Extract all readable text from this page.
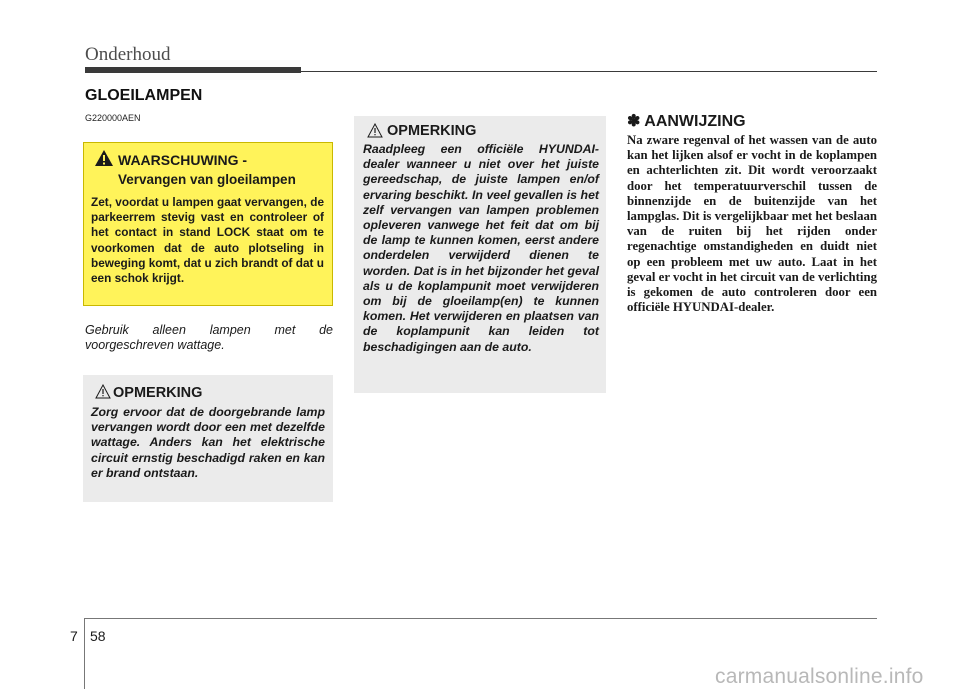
Onderhoud
GLOEILAMPEN
G220000AEN
WAARSCHUWING -
Vervangen van gloeilampen
Zet, voordat u lampen gaat vervangen, de parkeerrem stevig vast en controleer of het contact in stand LOCK staat om te voorkomen dat de auto plotseling in beweging komt, dat u zich brandt of dat u een schok krijgt.
Gebruik alleen lampen met de voorgeschreven wattage.
OPMERKING
Zorg ervoor dat de doorgebrande lamp vervangen wordt door een met dezelfde wattage. Anders kan het elektrische circuit ernstig beschadigd raken en kan er brand ontstaan.
OPMERKING
Raadpleeg een officiële HYUNDAI-dealer wanneer u niet over het juiste gereedschap, de juiste lampen en/of ervaring beschikt. In veel gevallen is het zelf vervangen van lampen problemen opleveren vanwege het feit dat om bij de lamp te kunnen komen, eerst andere onderdelen verwijderd dienen te worden. Dat is in het bijzonder het geval als u de koplampunit moet verwijderen om bij de gloeilamp(en) te kunnen komen. Het verwijderen en plaatsen van de koplampunit kan leiden tot beschadigingen aan de auto.
✽ AANWIJZING
Na zware regenval of het wassen van de auto kan het lijken alsof er vocht in de koplampen en achterlichten zit. Dit wordt veroorzaakt door het temperatuurverschil tussen de binnenzijde en de buitenzijde van het lampglas. Dit is vergelijkbaar met het beslaan van de ruiten bij het rijden onder regenachtige omstandigheden en duidt niet op een probleem met uw auto. Laat in het geval er vocht in het circuit van de verlichting is gekomen de auto controleren door een officiële HYUNDAI-dealer.
7 58
carmanualsonline.info
